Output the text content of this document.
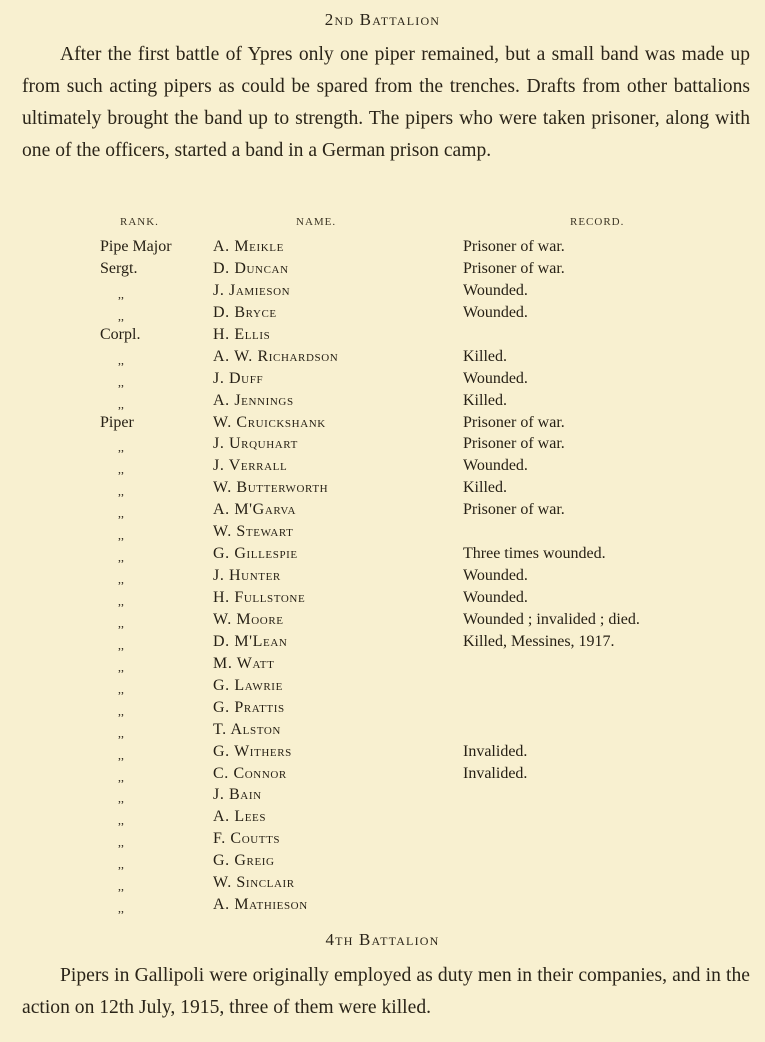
2nd Battalion

After the first battle of Ypres only one piper remained, but a small band was made up from such acting pipers as could be spared from the trenches. Drafts from other battalions ultimately brought the band up to strength. The pipers who were taken prisoner, along with one of the officers, started a band in a German prison camp.

RANK.	NAME.	RECORD.
Pipe Major	A. Meikle	Prisoner of war.
Sergt.	D. Duncan	Prisoner of war.
,,	J. Jamieson	Wounded.
,,	D. Bryce	Wounded.
Corpl.	H. Ellis
,,	A. W. Richardson	Killed.
,,	J. Duff	Wounded.
,,	A. Jennings	Killed.
Piper	W. Cruickshank	Prisoner of war.
,,	J. Urquhart	Prisoner of war.
,,	J. Verrall	Wounded.
,,	W. Butterworth	Killed.
,,	A. M'Garva	Prisoner of war.
,,	W. Stewart
,,	G. Gillespie	Three times wounded.
,,	J. Hunter	Wounded.
,,	H. Fullstone	Wounded.
,,	W. Moore	Wounded ; invalided ; died.
,,	D. M'Lean	Killed, Messines, 1917.
,,	M. Watt
,,	G. Lawrie
,,	G. Prattis
,,	T. Alston
,,	G. Withers	Invalided.
,,	C. Connor	Invalided.
,,	J. Bain
,,	A. Lees
,,	F. Coutts
,,	G. Greig
,,	W. Sinclair
,,	A. Mathieson
4th Battalion

Pipers in Gallipoli were originally employed as duty men in their companies, and in the action on 12th July, 1915, three of them were killed.
